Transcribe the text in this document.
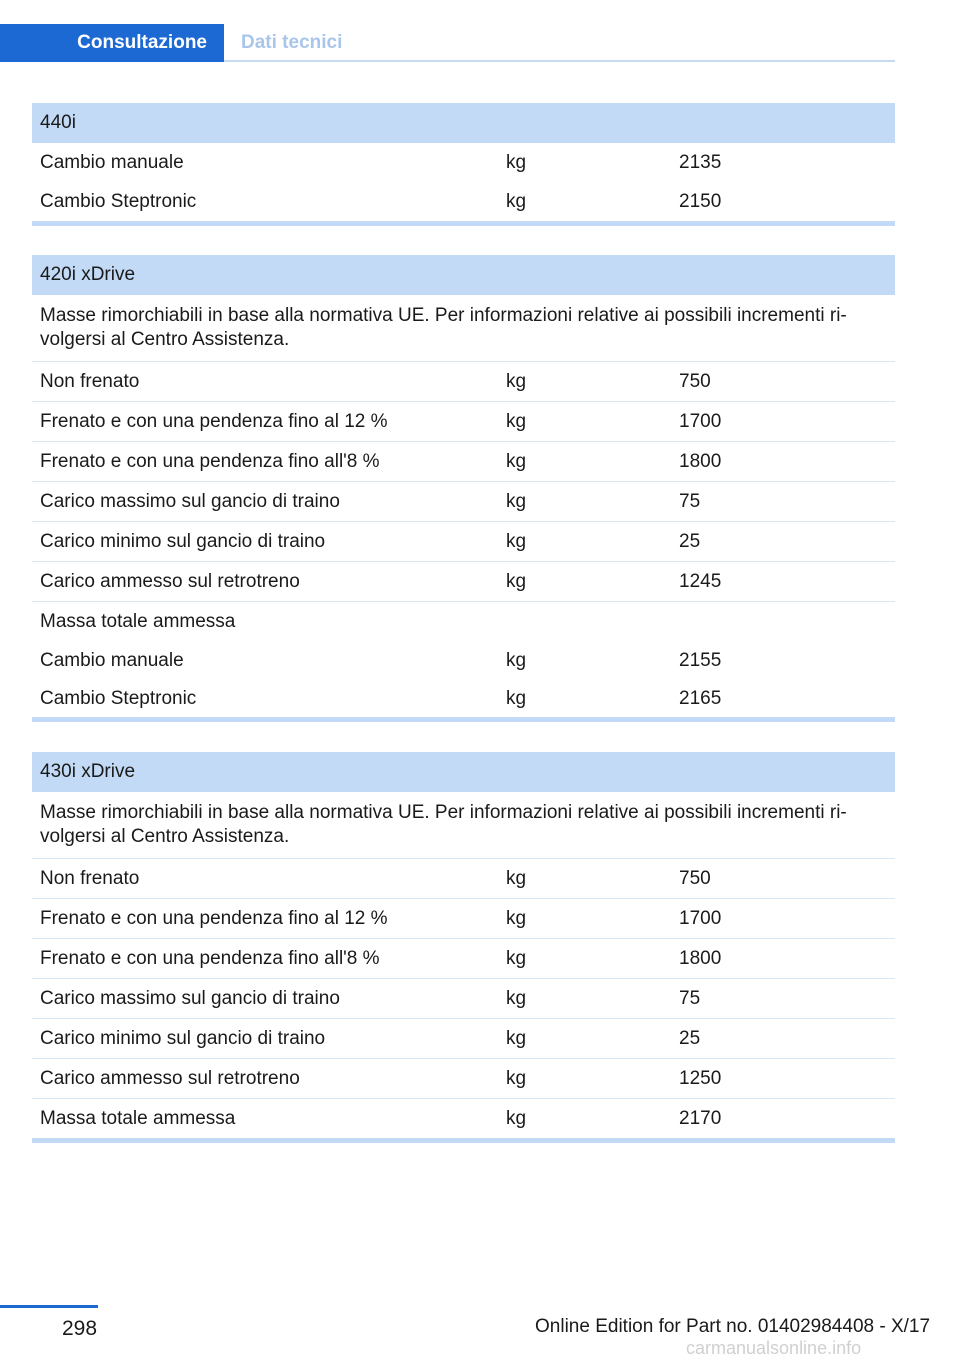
Consultazione	Dati tecnici
440i
Cambio manuale	kg	2135
Cambio Steptronic	kg	2150
420i xDrive
Masse rimorchiabili in base alla normativa UE. Per informazioni relative ai possibili incrementi rivolgersi al Centro Assistenza.
Non frenato	kg	750
Frenato e con una pendenza fino al 12 %	kg	1700
Frenato e con una pendenza fino all'8 %	kg	1800
Carico massimo sul gancio di traino	kg	75
Carico minimo sul gancio di traino	kg	25
Carico ammesso sul retrotreno	kg	1245
Massa totale ammessa
Cambio manuale	kg	2155
Cambio Steptronic	kg	2165
430i xDrive
Masse rimorchiabili in base alla normativa UE. Per informazioni relative ai possibili incrementi rivolgersi al Centro Assistenza.
Non frenato	kg	750
Frenato e con una pendenza fino al 12 %	kg	1700
Frenato e con una pendenza fino all'8 %	kg	1800
Carico massimo sul gancio di traino	kg	75
Carico minimo sul gancio di traino	kg	25
Carico ammesso sul retrotreno	kg	1250
Massa totale ammessa	kg	2170
298	Online Edition for Part no. 01402984408 - X/17
carmanualsonline.info
